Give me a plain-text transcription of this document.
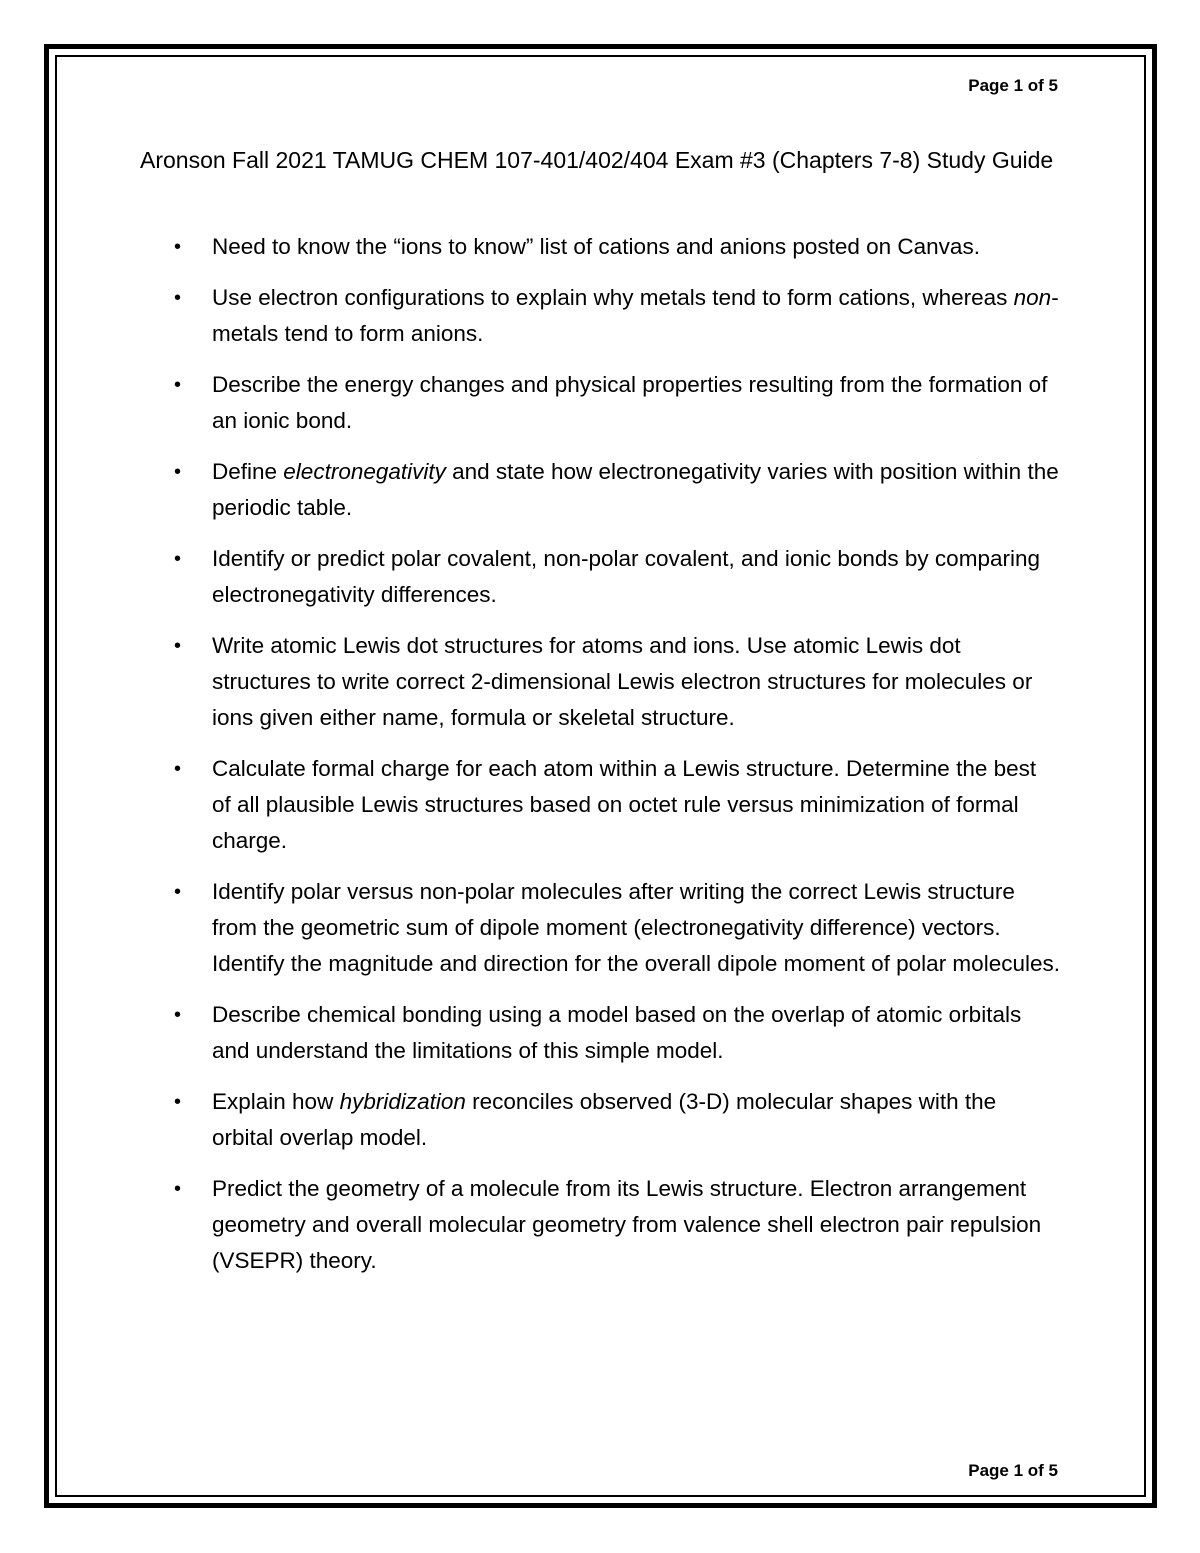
Page 1 of 5
Aronson Fall 2021 TAMUG CHEM 107-401/402/404 Exam #3 (Chapters 7-8) Study Guide
• Need to know the “ions to know” list of cations and anions posted on Canvas.
• Use electron configurations to explain why metals tend to form cations, whereas non-metals tend to form anions.
• Describe the energy changes and physical properties resulting from the formation of an ionic bond.
• Define electronegativity and state how electronegativity varies with position within the periodic table.
• Identify or predict polar covalent, non-polar covalent, and ionic bonds by comparing electronegativity differences.
• Write atomic Lewis dot structures for atoms and ions. Use atomic Lewis dot structures to write correct 2-dimensional Lewis electron structures for molecules or ions given either name, formula or skeletal structure.
• Calculate formal charge for each atom within a Lewis structure. Determine the best of all plausible Lewis structures based on octet rule versus minimization of formal charge.
• Identify polar versus non-polar molecules after writing the correct Lewis structure from the geometric sum of dipole moment (electronegativity difference) vectors. Identify the magnitude and direction for the overall dipole moment of polar molecules.
• Describe chemical bonding using a model based on the overlap of atomic orbitals and understand the limitations of this simple model.
• Explain how hybridization reconciles observed (3-D) molecular shapes with the orbital overlap model.
• Predict the geometry of a molecule from its Lewis structure. Electron arrangement geometry and overall molecular geometry from valence shell electron pair repulsion (VSEPR) theory.
Page 1 of 5
